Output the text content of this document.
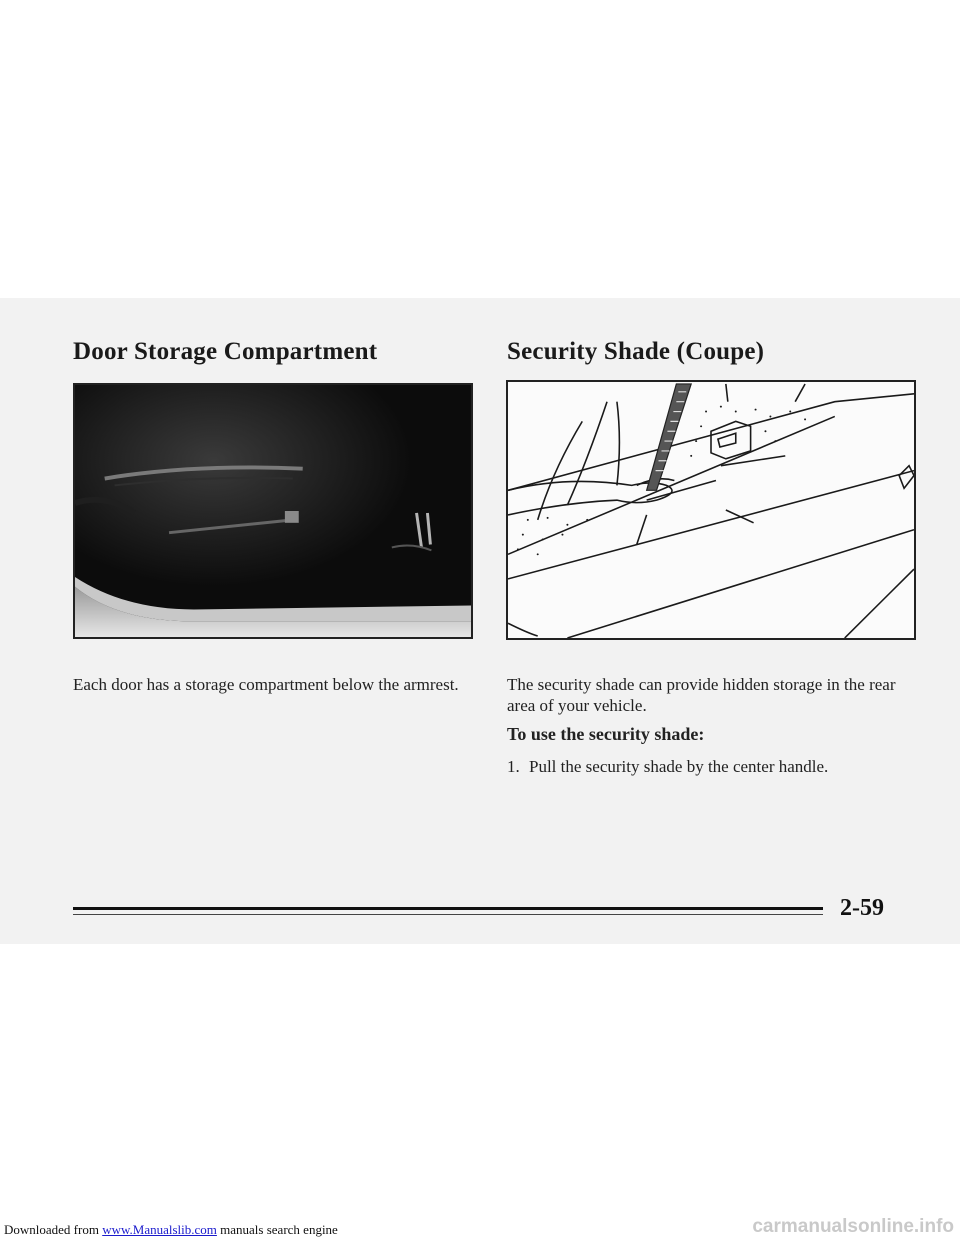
Door Storage Compartment	Security Shade (Coupe)
Each door has a storage compartment below the armrest.	The security shade can provide hidden storage in the rear area of your vehicle.
To use the security shade:
1. Pull the security shade by the center handle.
2-59
Downloaded from www.Manualslib.com manuals search engine	carmanualsonline.info
